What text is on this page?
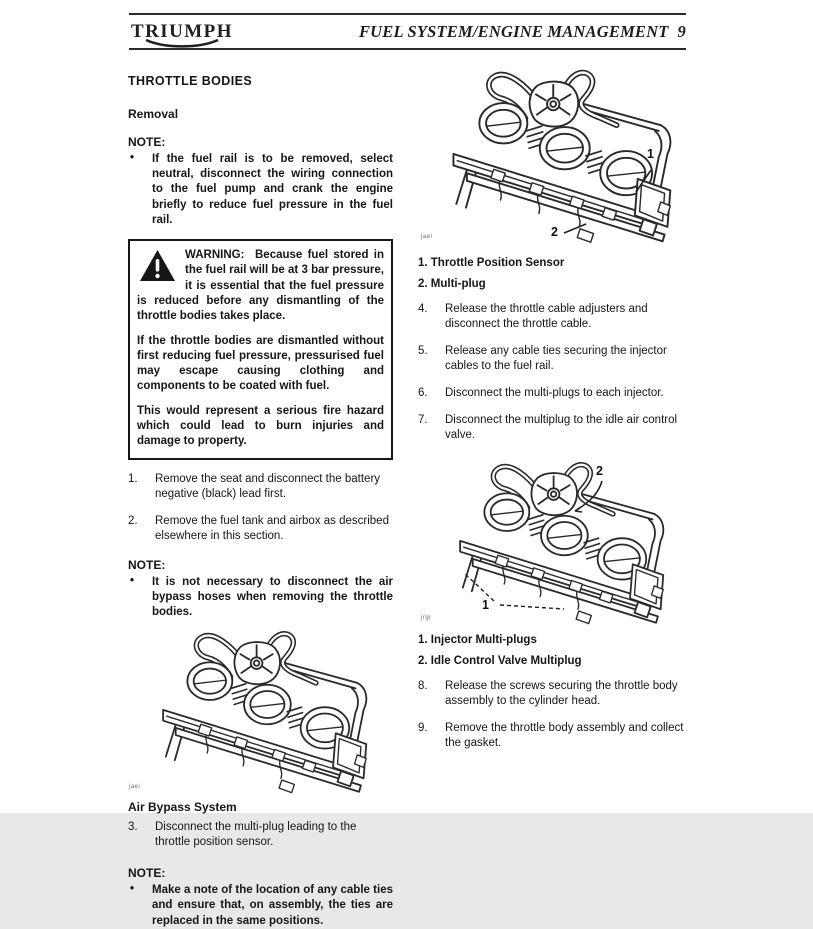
TRIUMPH	FUEL SYSTEM/ENGINE MANAGEMENT 9
THROTTLE BODIES
Removal
NOTE:
• If the fuel rail is to be removed, select neutral, disconnect the wiring connection to the fuel pump and crank the engine briefly to reduce fuel pressure in the fuel rail.

WARNING: Because fuel stored in the fuel rail will be at 3 bar pressure, it is essential that the fuel pressure is reduced before any dismantling of the throttle bodies takes place.

If the throttle bodies are dismantled without first reducing fuel pressure, pressurised fuel may escape causing clothing and components to be coated with fuel.

This would represent a serious fire hazard which could lead to burn injuries and damage to property.

1. Remove the seat and disconnect the battery negative (black) lead first.
2. Remove the fuel tank and airbox as described elsewhere in this section.
NOTE:
• It is not necessary to disconnect the air bypass hoses when removing the throttle bodies.
jaei
Air Bypass System
3. Disconnect the multi-plug leading to the throttle position sensor.
NOTE:
• Make a note of the location of any cable ties and ensure that, on assembly, the ties are replaced in the same positions.
1
2
jael
1. Throttle Position Sensor
2. Multi-plug
4. Release the throttle cable adjusters and disconnect the throttle cable.
5. Release any cable ties securing the injector cables to the fuel rail.
6. Disconnect the multi-plugs to each injector.
7. Disconnect the multiplug to the idle air control valve.
2
1
jrgi
1. Injector Multi-plugs
2. Idle Control Valve Multiplug
8. Release the screws securing the throttle body assembly to the cylinder head.
9. Remove the throttle body assembly and collect the gasket.
